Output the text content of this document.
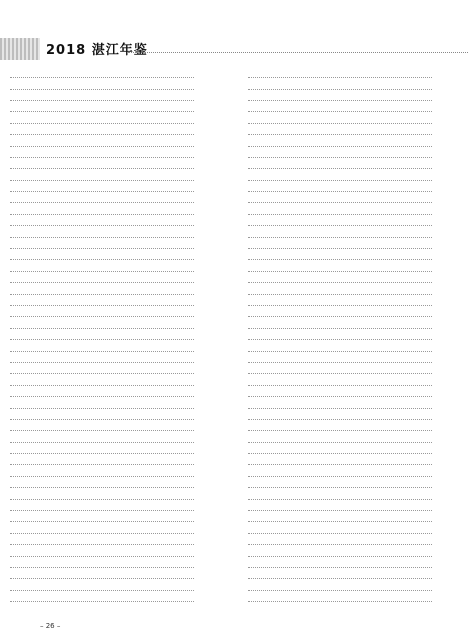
2018 湛江年鉴
– 26 –
